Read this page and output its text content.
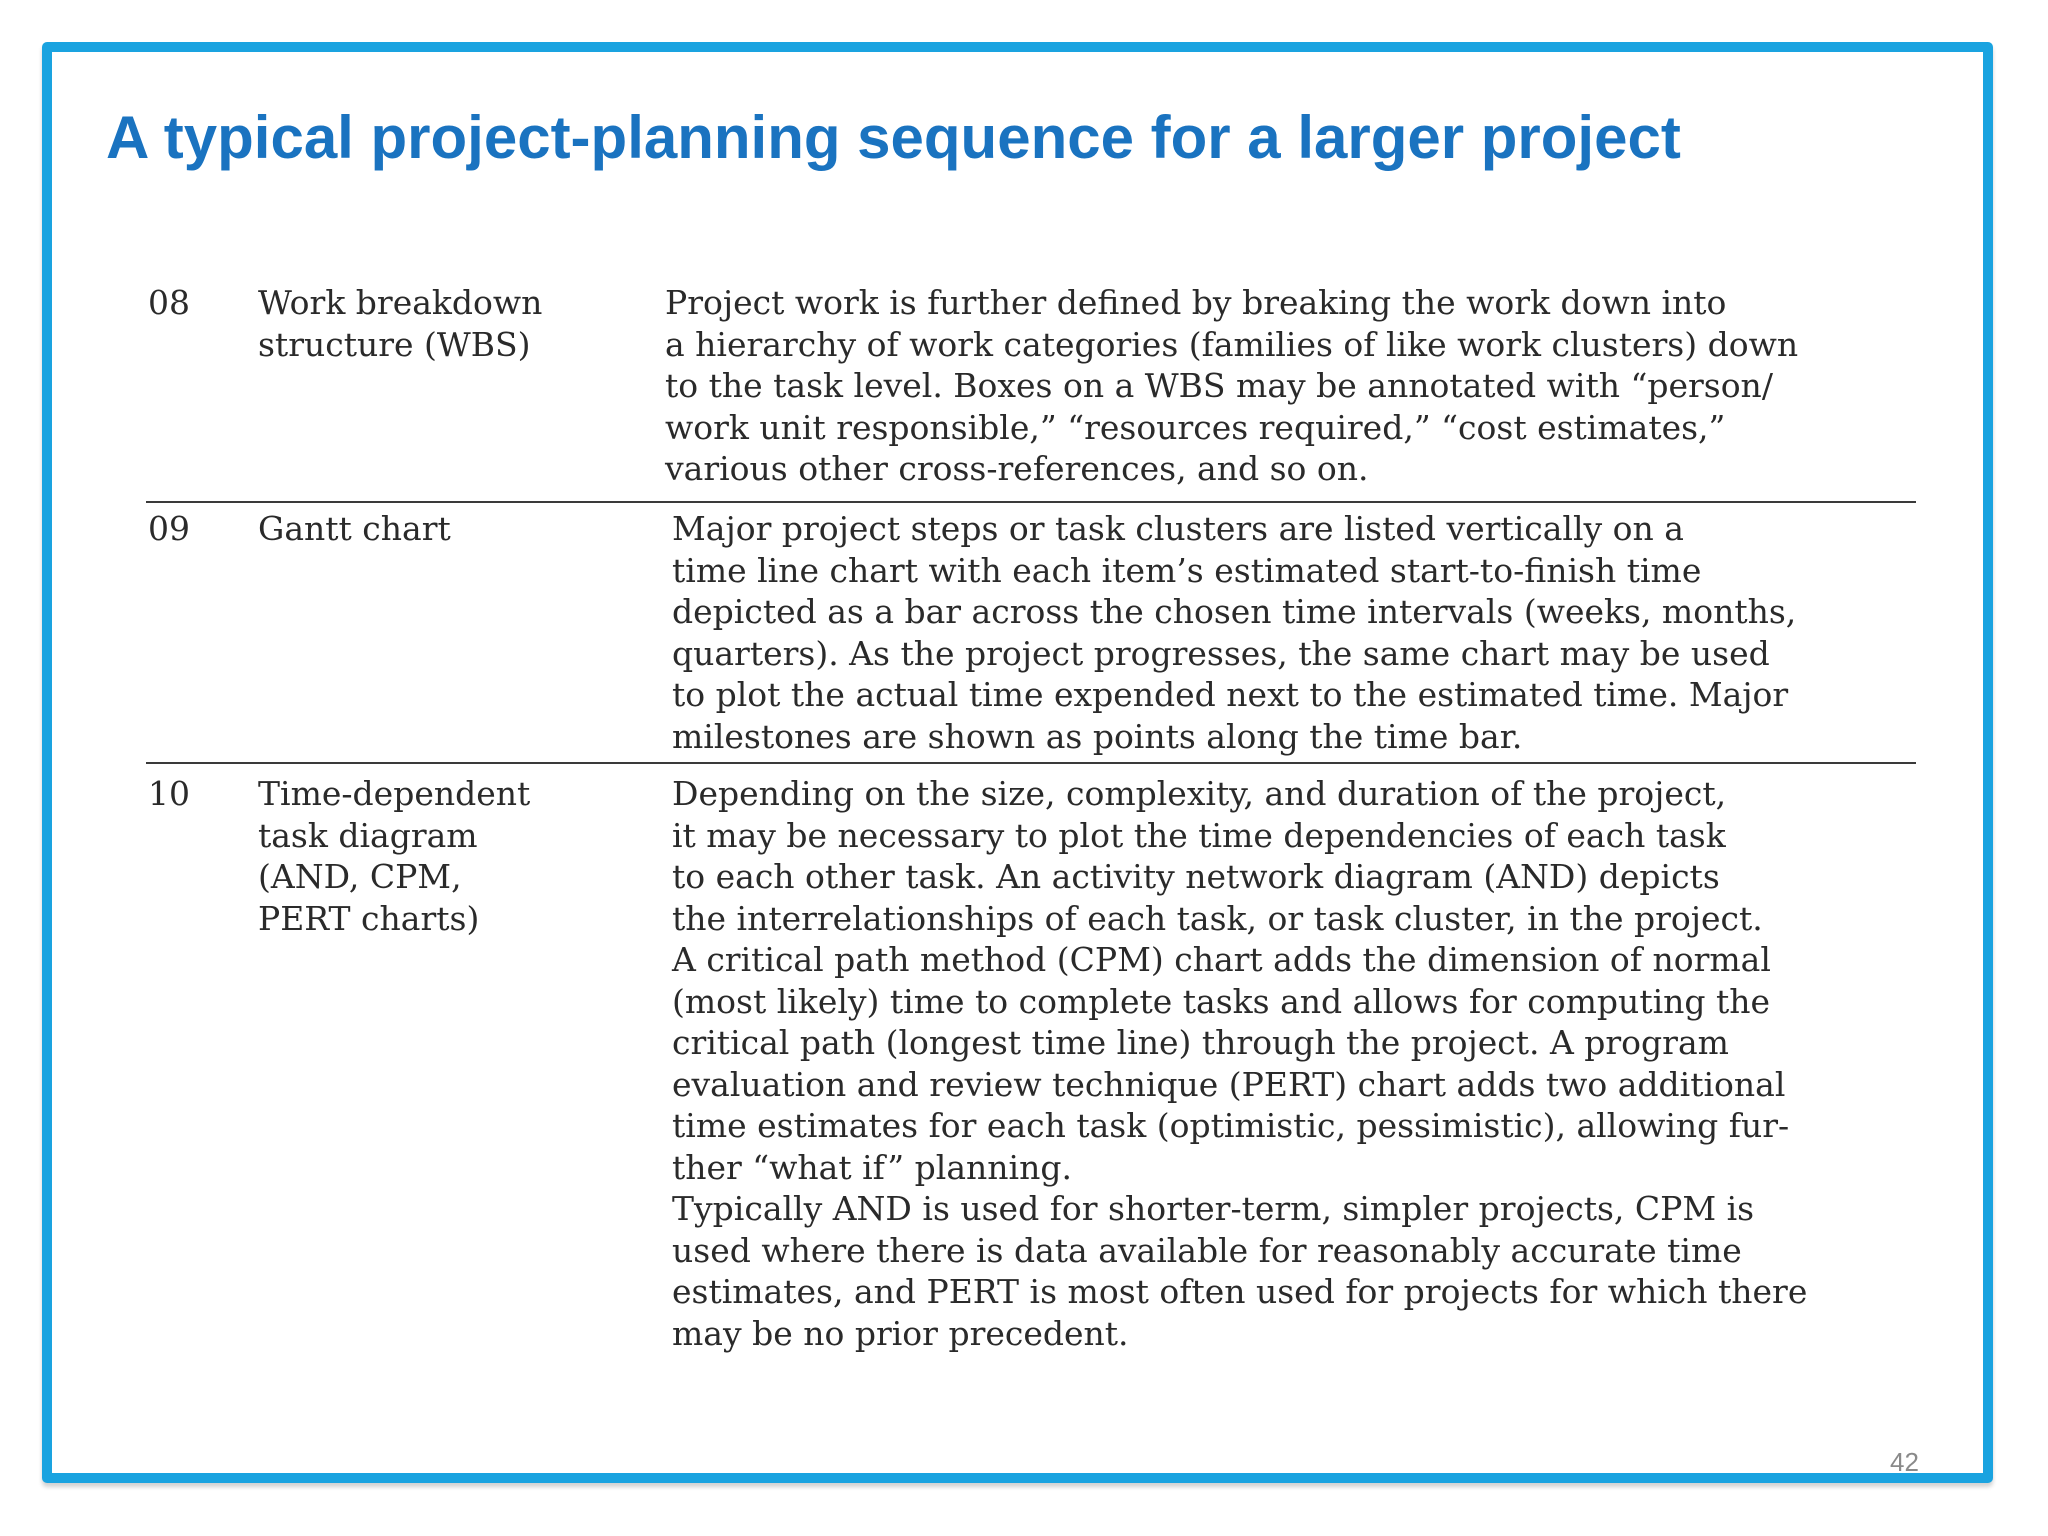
A typical project-planning sequence for a larger project
08 Work breakdown
structure (WBS)
Project work is further defined by breaking the work down into
a hierarchy of work categories (families of like work clusters) down
to the task level. Boxes on a WBS may be annotated with “person/
work unit responsible,” “resources required,” “cost estimates,”
various other cross-references, and so on.
09 Gantt chart	Major project steps or task clusters are listed vertically on a
time line chart with each item’s estimated start-to-finish time
depicted as a bar across the chosen time intervals (weeks, months,
quarters). As the project progresses, the same chart may be used
to plot the actual time expended next to the estimated time. Major
milestones are shown as points along the time bar.
10 Time-dependent
task diagram
(AND, CPM,
PERT charts)
Depending on the size, complexity, and duration of the project,
it may be necessary to plot the time dependencies of each task
to each other task. An activity network diagram (AND) depicts
the interrelationships of each task, or task cluster, in the project.
A critical path method (CPM) chart adds the dimension of normal
(most likely) time to complete tasks and allows for computing the
critical path (longest time line) through the project. A program
evaluation and review technique (PERT) chart adds two additional
time estimates for each task (optimistic, pessimistic), allowing fur-
ther “what if” planning.
Typically AND is used for shorter-term, simpler projects, CPM is
used where there is data available for reasonably accurate time
estimates, and PERT is most often used for projects for which there
may be no prior precedent.
42
